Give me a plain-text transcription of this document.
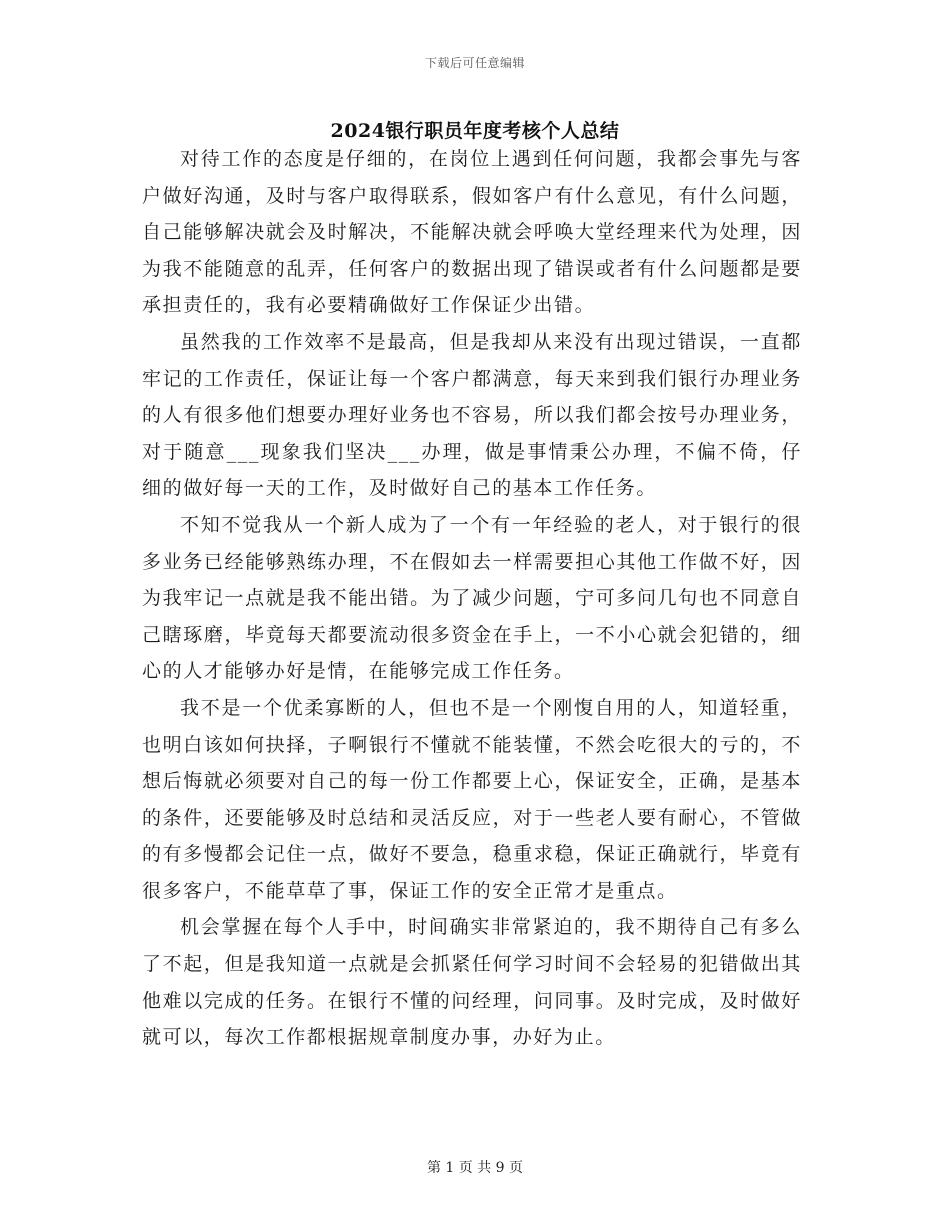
下载后可任意编辑
2024银行职员年度考核个人总结

对待工作的态度是仔细的，在岗位上遇到任何问题，我都会事先与客户做好沟通，及时与客户取得联系，假如客户有什么意见，有什么问题，自己能够解决就会及时解决，不能解决就会呼唤大堂经理来代为处理，因为我不能随意的乱弄，任何客户的数据出现了错误或者有什么问题都是要承担责任的，我有必要精确做好工作保证少出错。

虽然我的工作效率不是最高，但是我却从来没有出现过错误，一直都牢记的工作责任，保证让每一个客户都满意，每天来到我们银行办理业务的人有很多他们想要办理好业务也不容易，所以我们都会按号办理业务，对于随意___现象我们坚决___办理，做是事情秉公办理，不偏不倚，仔细的做好每一天的工作，及时做好自己的基本工作任务。

不知不觉我从一个新人成为了一个有一年经验的老人，对于银行的很多业务已经能够熟练办理，不在假如去一样需要担心其他工作做不好，因为我牢记一点就是我不能出错。为了减少问题，宁可多问几句也不同意自己瞎琢磨，毕竟每天都要流动很多资金在手上，一不小心就会犯错的，细心的人才能够办好是情，在能够完成工作任务。

我不是一个优柔寡断的人，但也不是一个刚愎自用的人，知道轻重，也明白该如何抉择，子啊银行不懂就不能装懂，不然会吃很大的亏的，不想后悔就必须要对自己的每一份工作都要上心，保证安全，正确，是基本的条件，还要能够及时总结和灵活反应，对于一些老人要有耐心，不管做的有多慢都会记住一点，做好不要急，稳重求稳，保证正确就行，毕竟有很多客户，不能草草了事，保证工作的安全正常才是重点。

机会掌握在每个人手中，时间确实非常紧迫的，我不期待自己有多么了不起，但是我知道一点就是会抓紧任何学习时间不会轻易的犯错做出其他难以完成的任务。在银行不懂的问经理，问同事。及时完成，及时做好就可以，每次工作都根据规章制度办事，办好为止。

第 1 页 共 9 页
